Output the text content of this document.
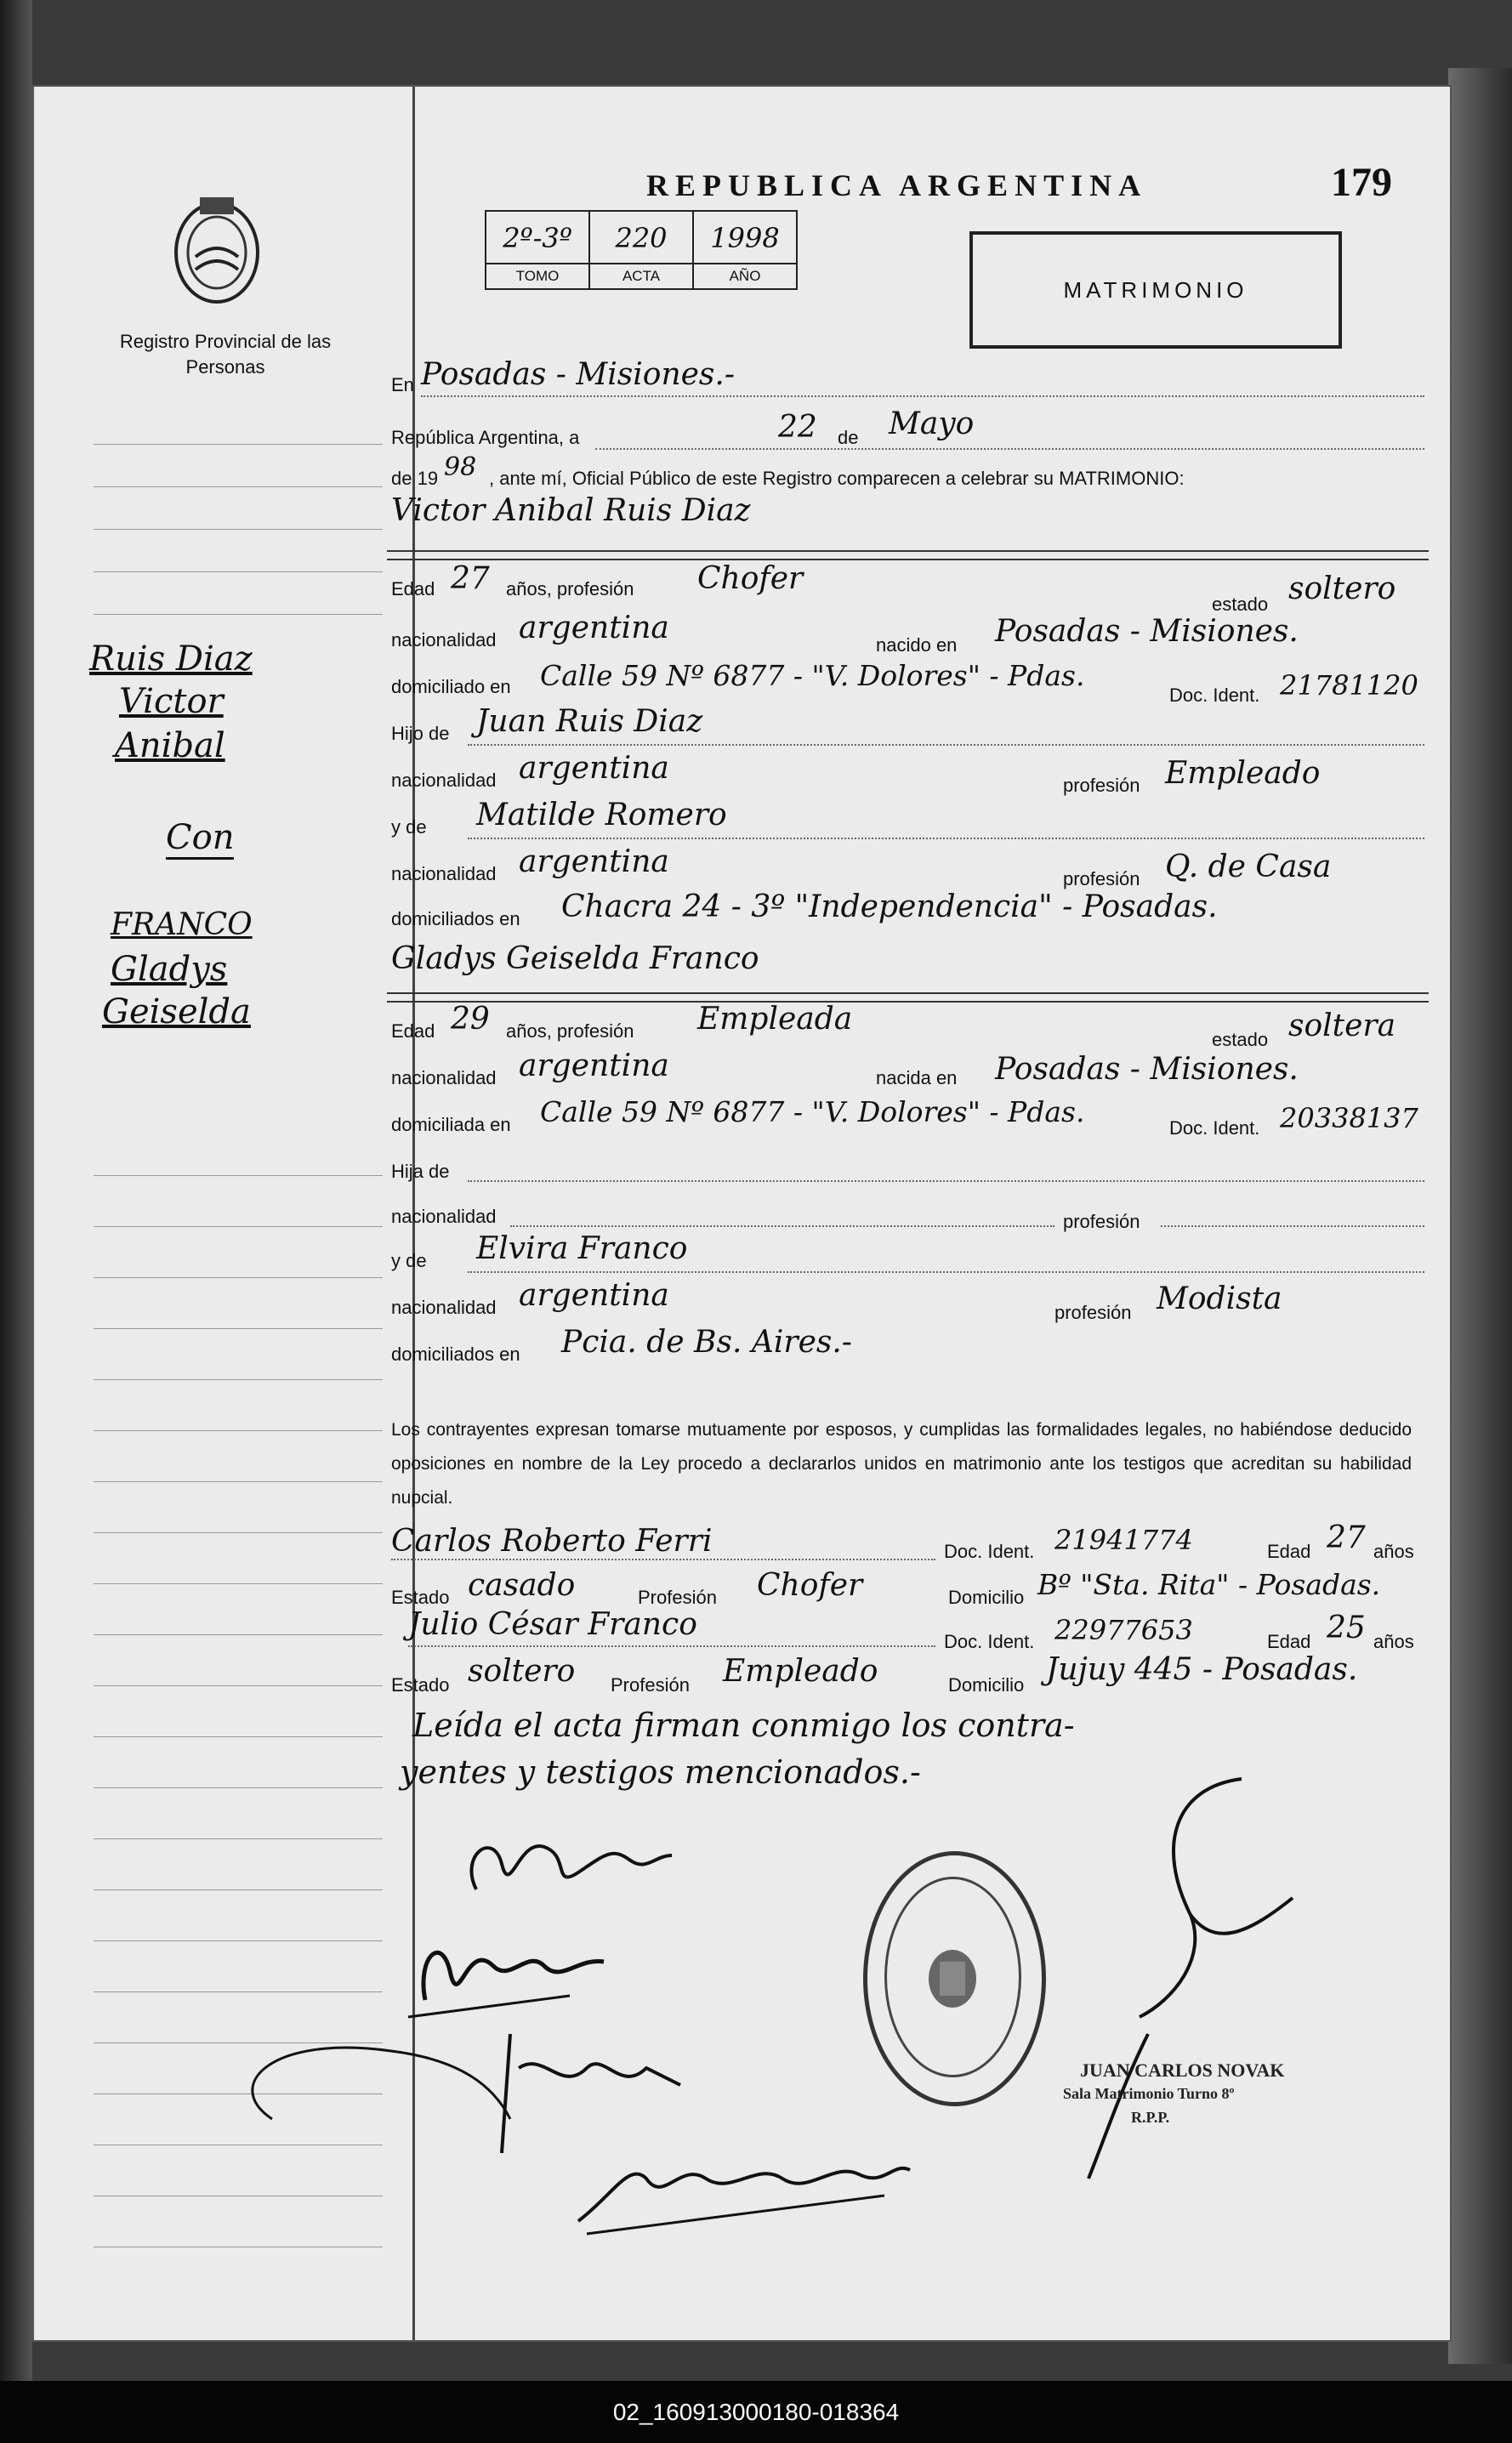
Registro Provincial de las Personas
Ruis Diaz
Victor
Anibal
Con
FRANCO
Gladys
Geiselda
REPUBLICA ARGENTINA	179
2º-3º
TOMO
220
ACTA
1998
AÑO
MATRIMONIO
En Posadas - Misiones.-
República Argentina, a	22 de Mayo
de 19 98 , ante mí, Oficial Público de este Registro comparecen a celebrar su MATRIMONIO:
Victor Anibal Ruis Diaz
Edad 27 años, profesión Chofer
estado soltero
nacionalidad argentina	nacido en Posadas - Misiones.
domiciliado en Calle 59 Nº 6877 - "V. Dolores" - Pdas.
Doc. Ident. 21781120
Hijo de Juan Ruis Diaz
nacionalidad argentina	profesión Empleado
y de Matilde Romero
nacionalidad argentina	profesión Q. de Casa
domiciliados en Chacra 24 - 3º "Independencia" - Posadas.
Gladys Geiselda Franco
Edad 29 años, profesión Empleada
estado soltera
nacionalidad argentina	nacida en Posadas - Misiones.
domiciliada en Calle 59 Nº 6877 - "V. Dolores" - Pdas.	Doc. Ident. 20338137
Hija de
nacionalidad	profesión
y de Elvira Franco
nacionalidad argentina	profesión Modista
domiciliados en Pcia. de Bs. Aires.-
Los contrayentes expresan tomarse mutuamente por esposos, y cumplidas las formalidades legales, no habiéndose deducido oposiciones en nombre de la Ley procedo a declararlos unidos en matrimonio ante los testigos que acreditan su habilidad nupcial.
Carlos Roberto Ferri	Doc. Ident. 21941774	Edad 27 años
Estado casado	Profesión Chofer	Domicilio Bº "Sta. Rita" - Posadas.
Julio César Franco	Doc. Ident. 22977653	Edad 25 años
Estado soltero Profesión Empleado	Domicilio Jujuy 445 - Posadas.
Leída el acta firman conmigo los contra-
yentes y testigos mencionados.-
JUAN CARLOS NOVAK
Sala Matrimonio Turno 8º
R.P.P.
02_160913000180-018364
